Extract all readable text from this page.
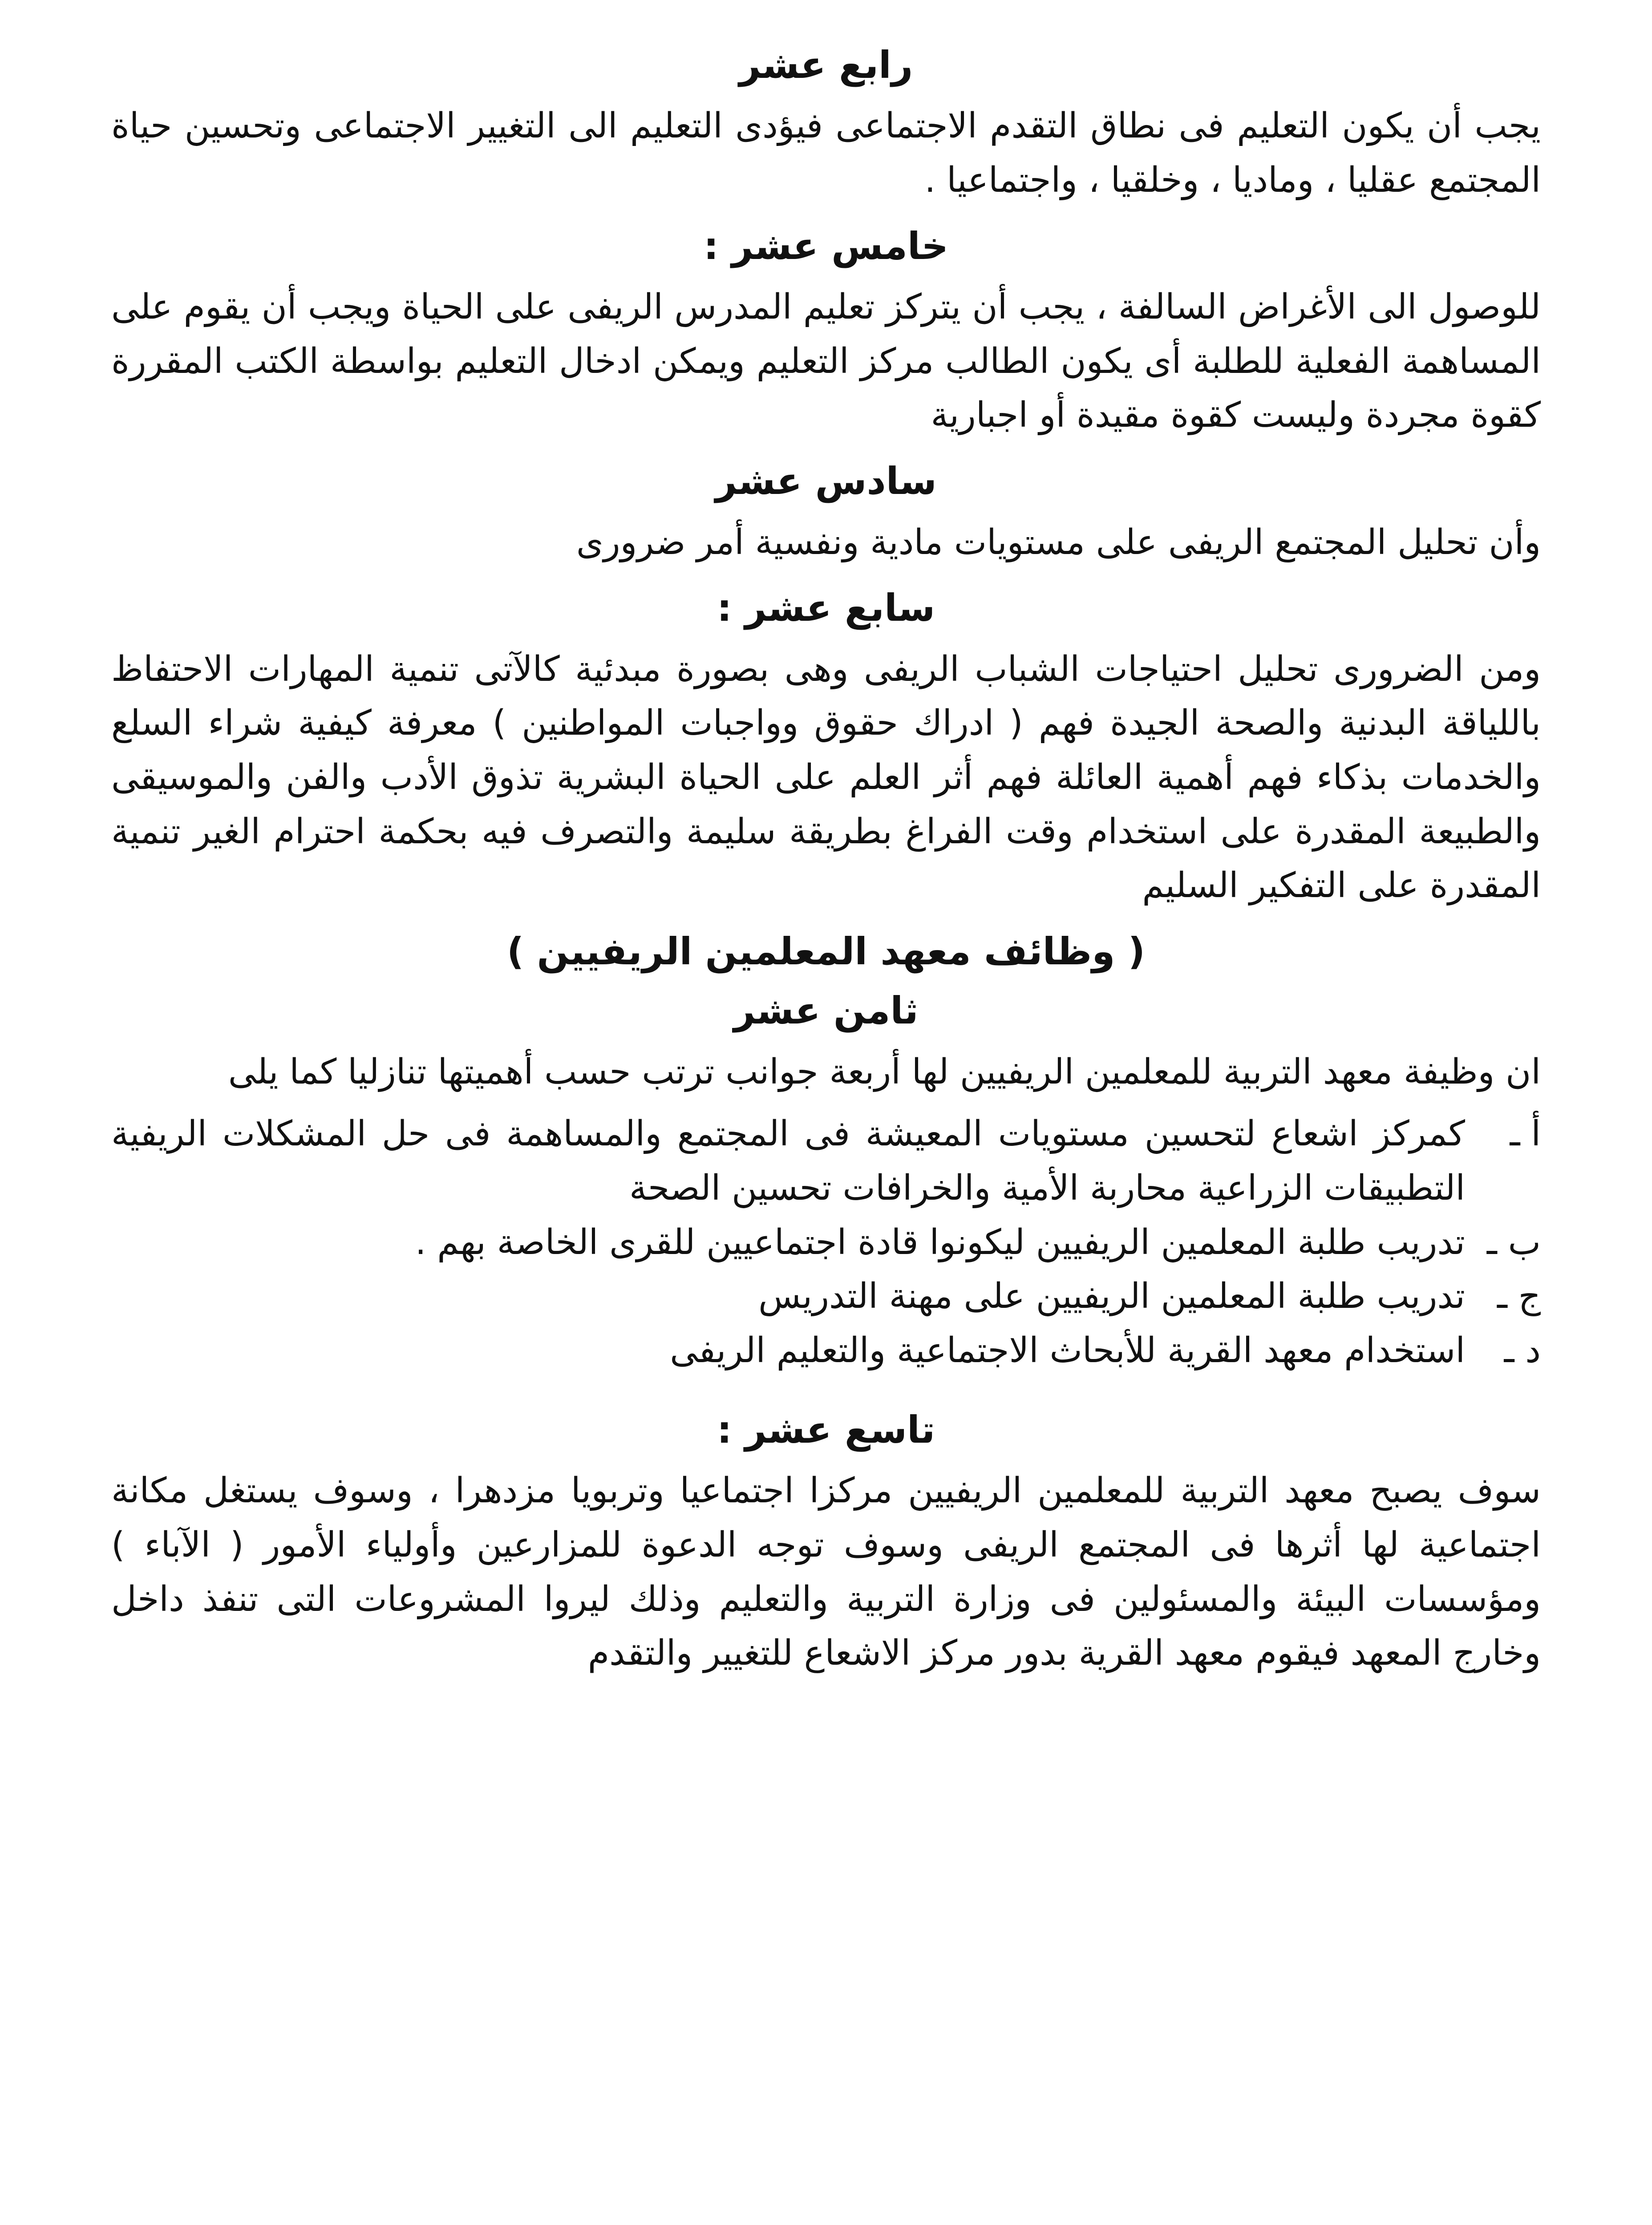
رابع عشر

يجب أن يكون التعليم فى نطاق التقدم الاجتماعى فيؤدى التعليم الى التغيير الاجتماعى وتحسين حياة المجتمع عقليا ، وماديا ، وخلقيا ، واجتماعيا .

خامس عشر :

للوصول الى الأغراض السالفة ، يجب أن يتركز تعليم المدرس الريفى على الحياة ويجب أن يقوم على المساهمة الفعلية للطلبة أى يكون الطالب مركز التعليم ويمكن ادخال التعليم بواسطة الكتب المقررة كقوة مجردة وليست كقوة مقيدة أو اجبارية

سادس عشر

وأن تحليل المجتمع الريفى على مستويات مادية ونفسية أمر ضرورى

سابع عشر :

ومن الضرورى تحليل احتياجات الشباب الريفى وهى بصورة مبدئية كالآتى تنمية المهارات الاحتفاظ باللياقة البدنية والصحة الجيدة فهم ( ادراك حقوق وواجبات المواطنين ) معرفة كيفية شراء السلع والخدمات بذكاء فهم أهمية العائلة فهم أثر العلم على الحياة البشرية تذوق الأدب والفن والموسيقى والطبيعة المقدرة على استخدام وقت الفراغ بطريقة سليمة والتصرف فيه بحكمة احترام الغير تنمية المقدرة على التفكير السليم

( وظائف معهد المعلمين الريفيين )
ثامن عشر

ان وظيفة معهد التربية للمعلمين الريفيين لها أربعة جوانب ترتب حسب أهميتها تنازليا كما يلى

أ ـ
كمركز اشعاع لتحسين مستويات المعيشة فى المجتمع والمساهمة فى حل المشكلات الريفية التطبيقات الزراعية محاربة الأمية والخرافات تحسين الصحة
ب ـ
تدريب طلبة المعلمين الريفيين ليكونوا قادة اجتماعيين للقرى الخاصة بهم .
ج ـ
تدريب طلبة المعلمين الريفيين على مهنة التدريس
د ـ
استخدام معهد القرية للأبحاث الاجتماعية والتعليم الريفى
تاسع عشر :

سوف يصبح معهد التربية للمعلمين الريفيين مركزا اجتماعيا وتربويا مزدهرا ، وسوف يستغل مكانة اجتماعية لها أثرها فى المجتمع الريفى وسوف توجه الدعوة للمزارعين وأولياء الأمور ( الآباء ) ومؤسسات البيئة والمسئولين فى وزارة التربية والتعليم وذلك ليروا المشروعات التى تنفذ داخل وخارج المعهد فيقوم معهد القرية بدور مركز الاشعاع للتغيير والتقدم
